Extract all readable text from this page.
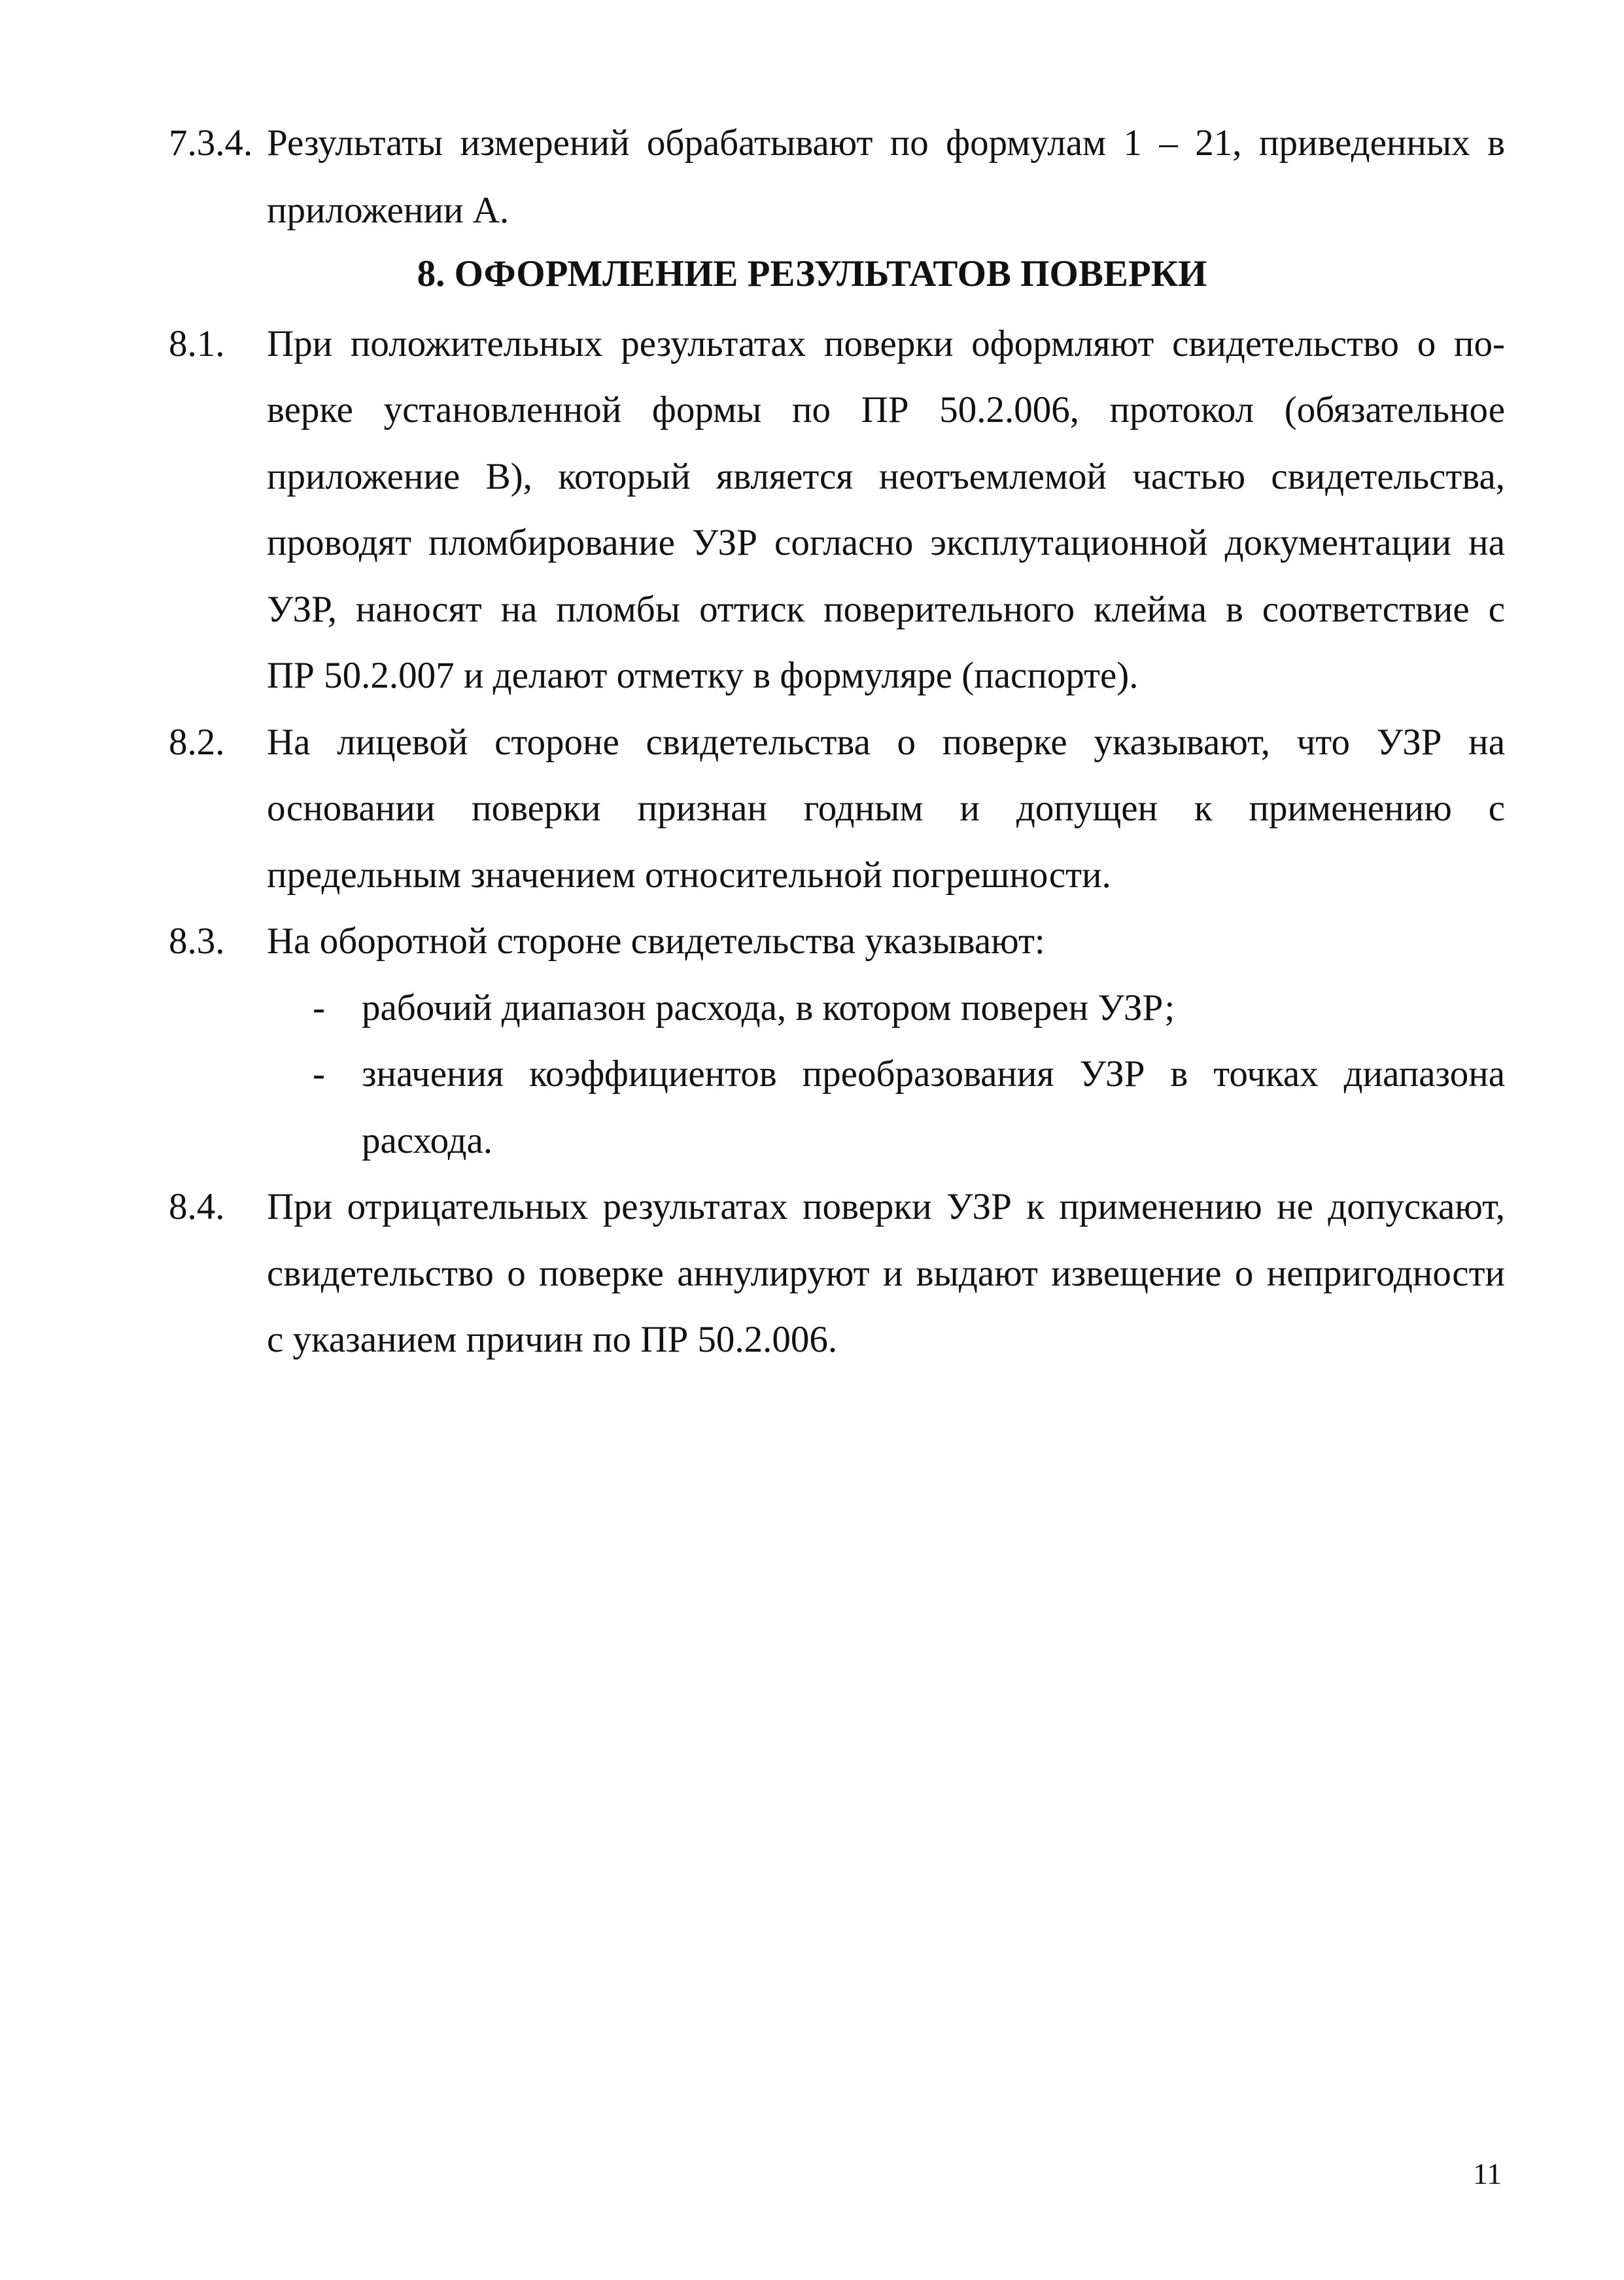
7.3.4. Результаты измерений обрабатывают по формулам 1 – 21, приведенных в
приложении А.
8. ОФОРМЛЕНИЕ РЕЗУЛЬТАТОВ ПОВЕРКИ
8.1. При положительных результатах поверки оформляют свидетельство о по-
верке установленной формы по ПР 50.2.006, протокол (обязательное
приложение В), который является неотъемлемой частью свидетельства,
проводят пломбирование УЗР согласно эксплутационной документации на
УЗР, наносят на пломбы оттиск поверительного клейма в соответствие с
ПР 50.2.007 и делают отметку в формуляре (паспорте).
8.2. На лицевой стороне свидетельства о поверке указывают, что УЗР на
основании поверки признан годным и допущен к применению с
предельным значением относительной погрешности.
8.3. На оборотной стороне свидетельства указывают:
- рабочий диапазон расхода, в котором поверен УЗР;
- значения коэффициентов преобразования УЗР в точках диапазона
расхода.
8.4. При отрицательных результатах поверки УЗР к применению не допускают,
свидетельство о поверке аннулируют и выдают извещение о непригодности
с указанием причин по ПР 50.2.006.
11
